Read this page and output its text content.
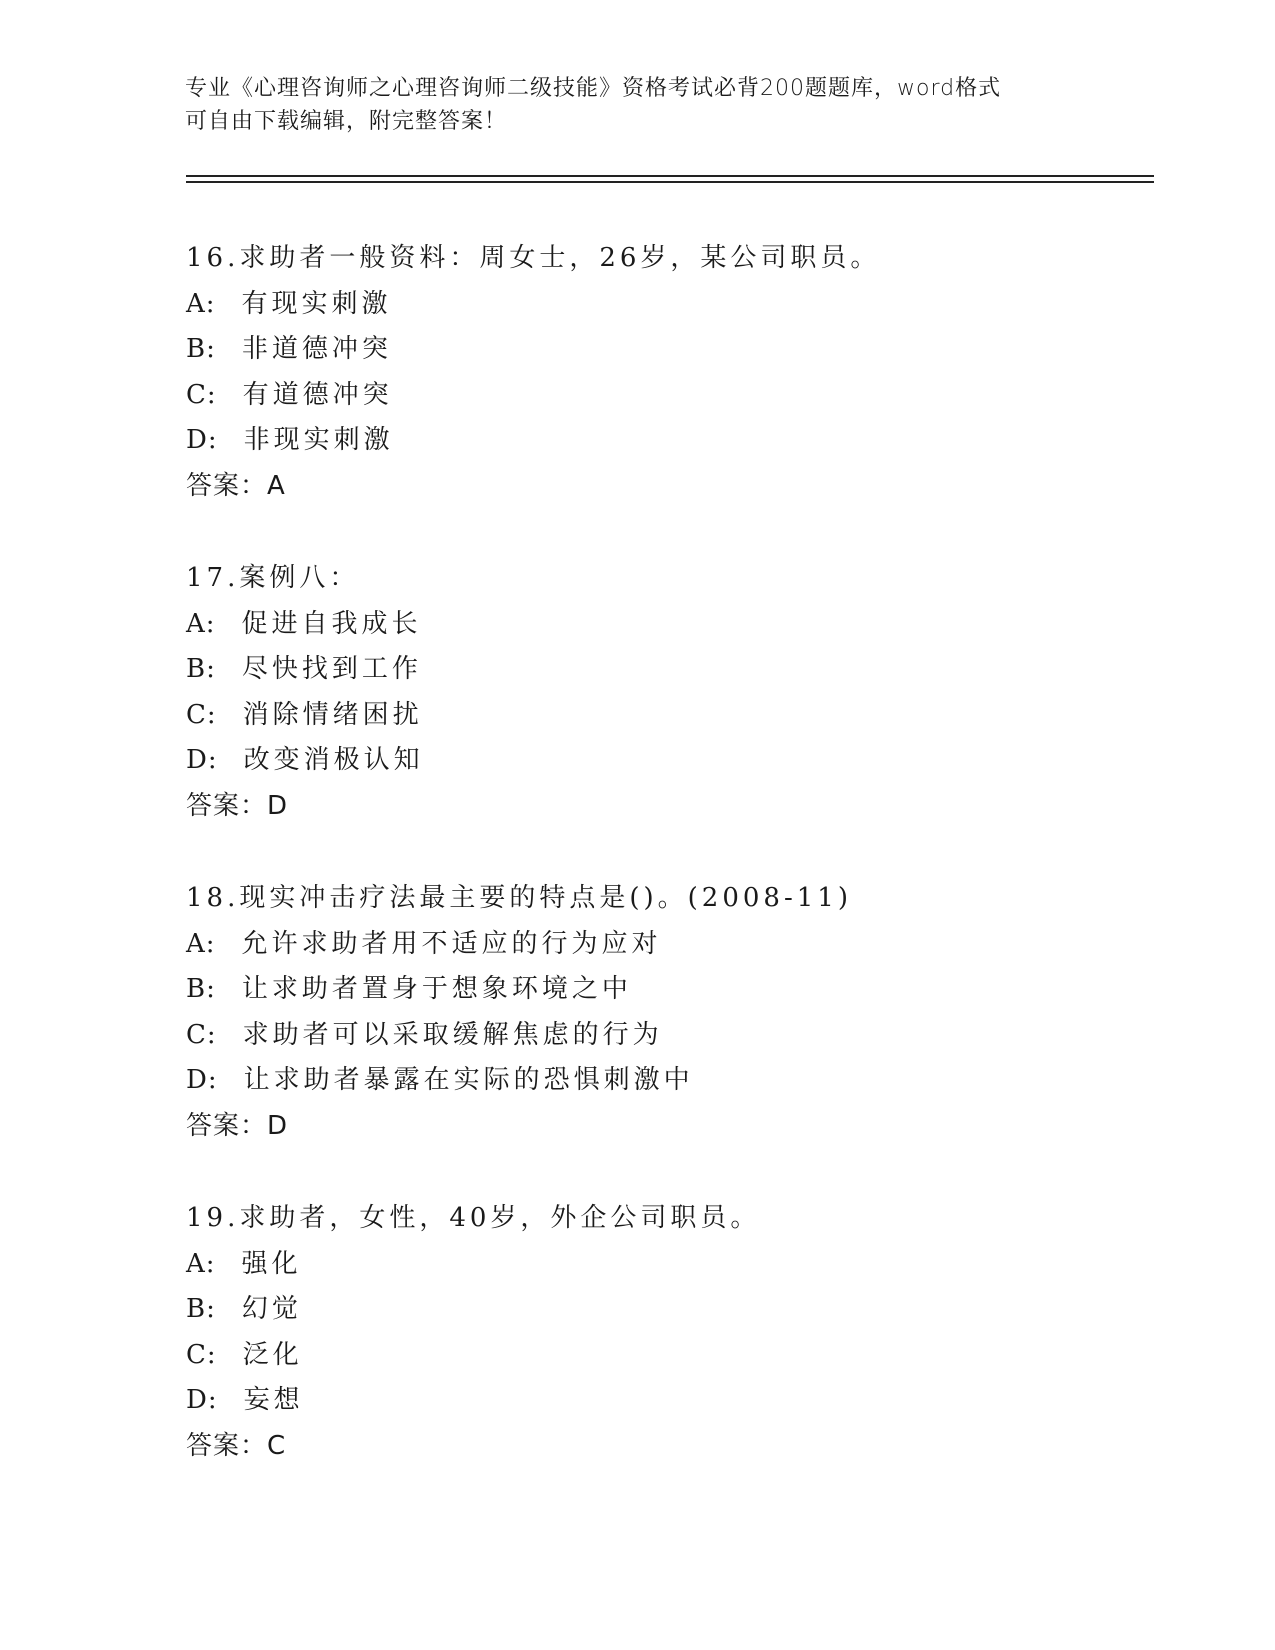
专业《心理咨询师之心理咨询师二级技能》资格考试必背200题题库，word格式
可自由下载编辑，附完整答案！
16.求助者一般资料：周女士，26岁，某公司职员。
A: 有现实刺激
B: 非道德冲突
C: 有道德冲突
D: 非现实刺激
答案：A
17.案例八：
A: 促进自我成长
B: 尽快找到工作
C: 消除情绪困扰
D: 改变消极认知
答案：D
18.现实冲击疗法最主要的特点是()。(2008-11)
A: 允许求助者用不适应的行为应对
B: 让求助者置身于想象环境之中
C: 求助者可以采取缓解焦虑的行为
D: 让求助者暴露在实际的恐惧刺激中
答案：D
19.求助者，女性，40岁，外企公司职员。
A: 强化
B: 幻觉
C: 泛化
D: 妄想
答案：C
